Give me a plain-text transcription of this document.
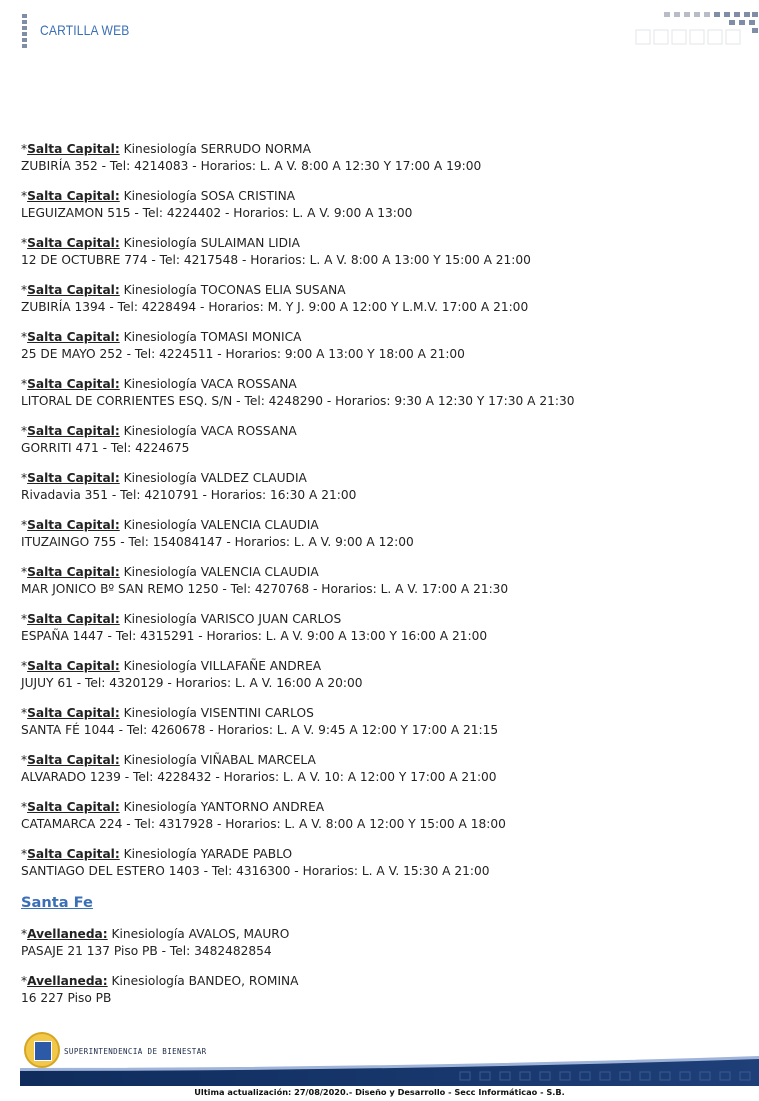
CARTILLA WEB
*Salta Capital: Kinesiología SERRUDO NORMA
ZUBIRÍA 352 - Tel: 4214083 - Horarios: L. A V. 8:00 A 12:30 Y 17:00 A 19:00
*Salta Capital: Kinesiología SOSA CRISTINA
LEGUIZAMON 515 - Tel: 4224402 - Horarios: L. A V. 9:00 A 13:00
*Salta Capital: Kinesiología SULAIMAN LIDIA
12 DE OCTUBRE 774 - Tel: 4217548 - Horarios: L. A V. 8:00 A 13:00 Y 15:00 A 21:00
*Salta Capital: Kinesiología TOCONAS ELIA SUSANA
ZUBIRÍA 1394 - Tel: 4228494 - Horarios: M. Y J. 9:00 A 12:00 Y L.M.V. 17:00 A 21:00
*Salta Capital: Kinesiología TOMASI MONICA
25 DE MAYO 252 - Tel: 4224511 - Horarios: 9:00 A 13:00 Y 18:00 A 21:00
*Salta Capital: Kinesiología VACA ROSSANA
LITORAL DE CORRIENTES ESQ. S/N - Tel: 4248290 - Horarios: 9:30 A 12:30 Y 17:30 A 21:30
*Salta Capital: Kinesiología VACA ROSSANA
GORRITI 471 - Tel: 4224675
*Salta Capital: Kinesiología VALDEZ CLAUDIA
Rivadavia 351 - Tel: 4210791 - Horarios: 16:30 A 21:00
*Salta Capital: Kinesiología VALENCIA CLAUDIA
ITUZAINGO 755 - Tel: 154084147 - Horarios: L. A V. 9:00 A 12:00
*Salta Capital: Kinesiología VALENCIA CLAUDIA
MAR JONICO Bº SAN REMO 1250 - Tel: 4270768 - Horarios: L. A V. 17:00 A 21:30
*Salta Capital: Kinesiología VARISCO JUAN CARLOS
ESPAÑA 1447 - Tel: 4315291 - Horarios: L. A V. 9:00 A 13:00 Y 16:00 A 21:00
*Salta Capital: Kinesiología VILLAFAÑE ANDREA
JUJUY 61 - Tel: 4320129 - Horarios: L. A V. 16:00 A 20:00
*Salta Capital: Kinesiología VISENTINI CARLOS
SANTA FÉ 1044 - Tel: 4260678 - Horarios: L. A V. 9:45 A 12:00 Y 17:00 A 21:15
*Salta Capital: Kinesiología VIÑABAL MARCELA
ALVARADO 1239 - Tel: 4228432 - Horarios: L. A V. 10: A 12:00 Y 17:00 A 21:00
*Salta Capital: Kinesiología YANTORNO ANDREA
CATAMARCA 224 - Tel: 4317928 - Horarios: L. A V. 8:00 A 12:00 Y 15:00 A 18:00
*Salta Capital: Kinesiología YARADE PABLO
SANTIAGO DEL ESTERO 1403 - Tel: 4316300 - Horarios: L. A V. 15:30 A 21:00
Santa Fe
*Avellaneda: Kinesiología AVALOS, MAURO
PASAJE 21 137 Piso PB - Tel: 3482482854
*Avellaneda: Kinesiología BANDEO, ROMINA
16 227 Piso PB
SUPERINTENDENCIA DE BIENESTAR
Ultima actualización: 27/08/2020.- Diseño y Desarrollo - Secc Informáticao - S.B.
